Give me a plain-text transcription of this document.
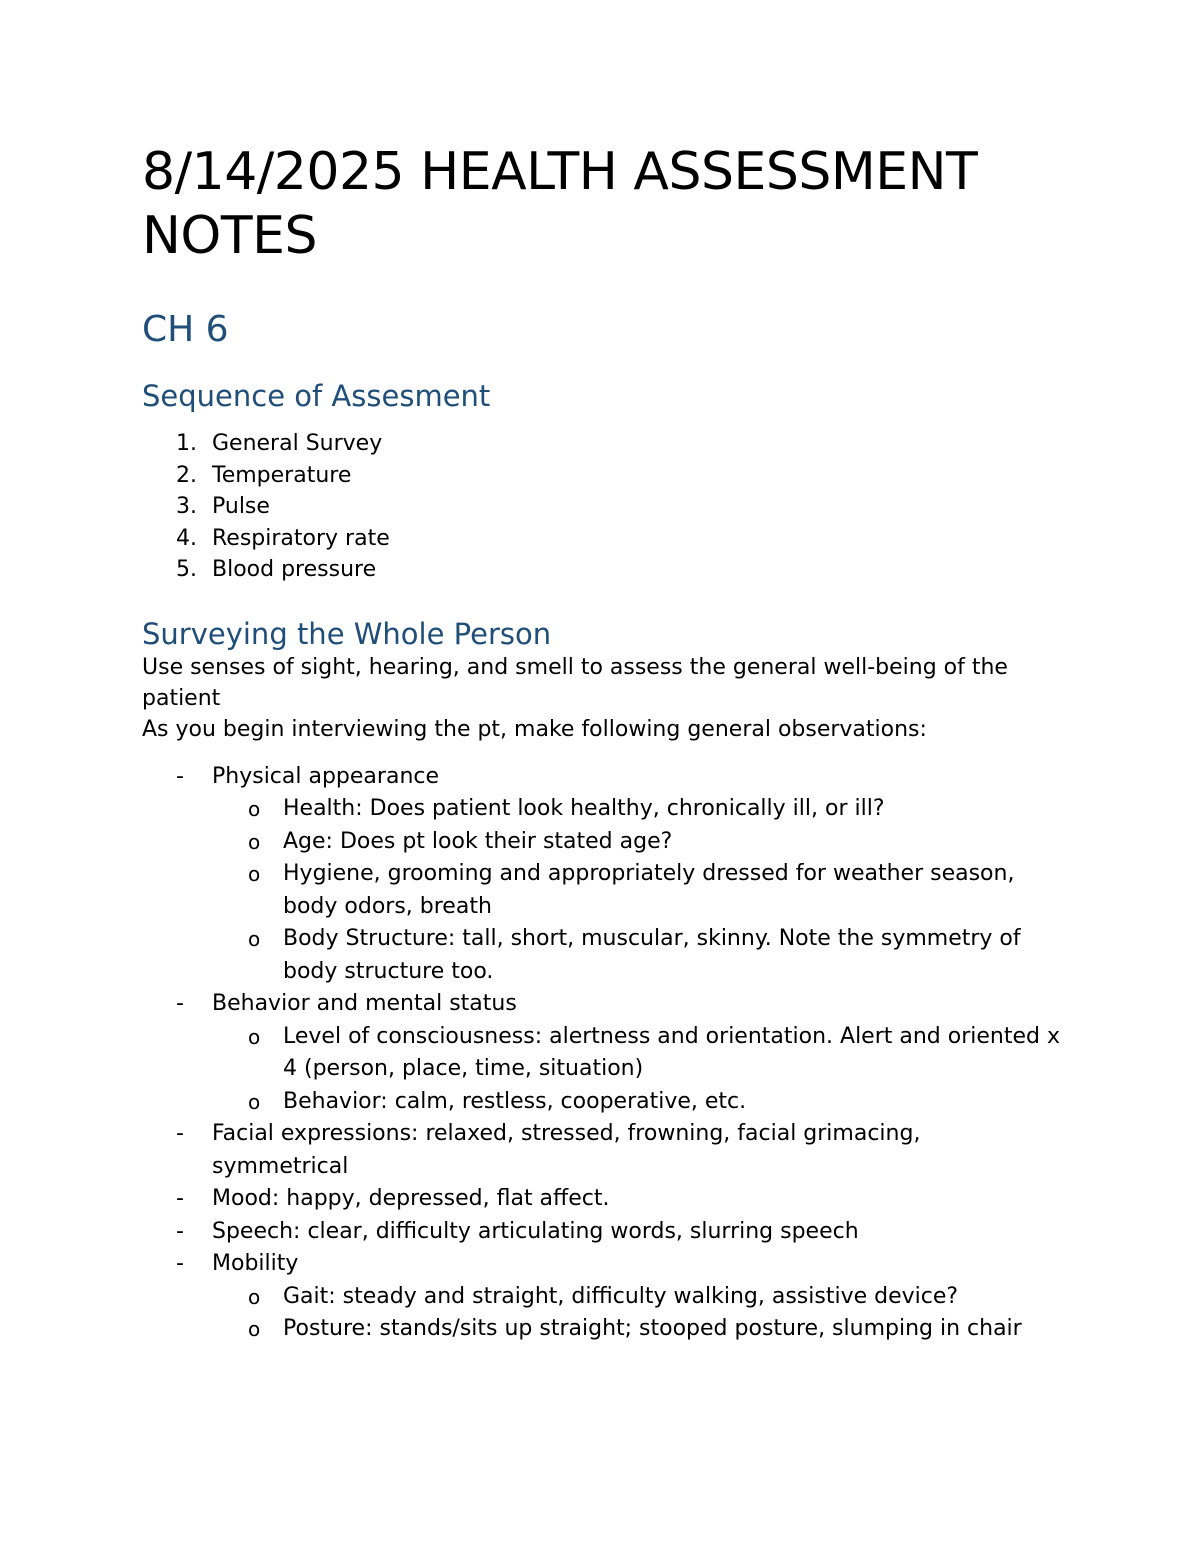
8/14/2025 HEALTH ASSESSMENT NOTES
CH 6
Sequence of Assesment
1. General Survey
2. Temperature
3. Pulse
4. Respiratory rate
5. Blood pressure
Surveying the Whole Person

Use senses of sight, hearing, and smell to assess the general well-being of the patient

As you begin interviewing the pt, make following general observations:

- Physical appearance
o Health: Does patient look healthy, chronically ill, or ill?
o Age: Does pt look their stated age?
o Hygiene, grooming and appropriately dressed for weather season, body odors, breath
o Body Structure: tall, short, muscular, skinny. Note the symmetry of body structure too.
- Behavior and mental status
o Level of consciousness: alertness and orientation. Alert and oriented x 4 (person, place, time, situation)
o Behavior: calm, restless, cooperative, etc.
- Facial expressions: relaxed, stressed, frowning, facial grimacing, symmetrical
- Mood: happy, depressed, flat affect.
- Speech: clear, difficulty articulating words, slurring speech
- Mobility
o Gait: steady and straight, difficulty walking, assistive device?
o Posture: stands/sits up straight; stooped posture, slumping in chair
